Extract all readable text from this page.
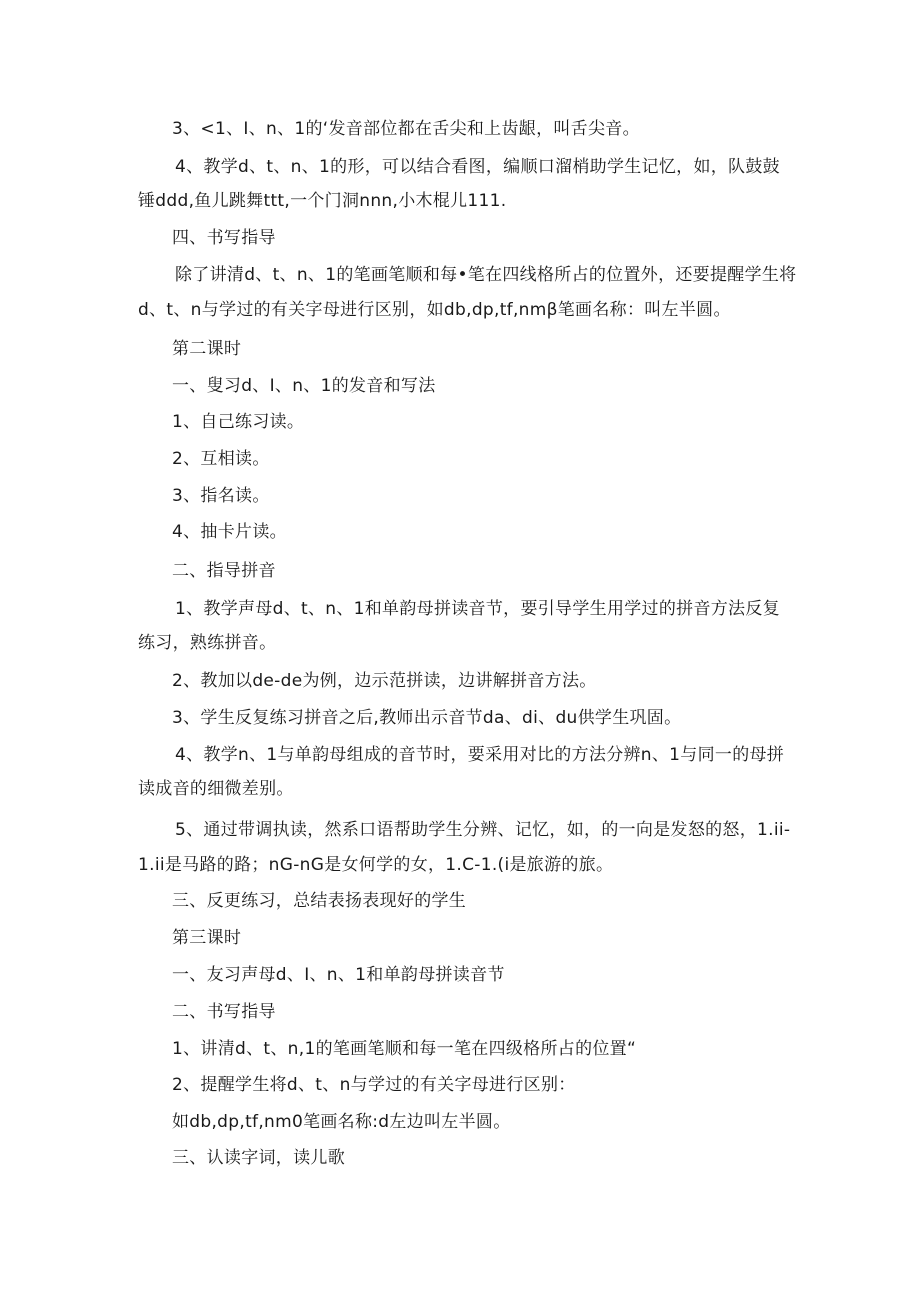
3、<1、I、n、1的‘发音部位都在舌尖和上齿龈，叫舌尖音。
4、教学d、t、n、1的形，可以结合看图，编顺口溜梢助学生记忆，如，队鼓鼓
锤ddd,鱼儿跳舞ttt,一个门洞nnn,小木棍儿111.
四、书写指导
除了讲清d、t、n、1的笔画笔顺和每•笔在四线格所占的位置外，还要提醒学生将
d、t、n与学过的有关字母进行区别，如db,dp,tf,nmβ笔画名称：叫左半圆。
第二课时
一、叟习d、I、n、1的发音和写法
1、自己练习读。
2、互相读。
3、指名读。
4、抽卡片读。
二、指导拼音
1、教学声母d、t、n、1和单韵母拼读音节，要引导学生用学过的拼音方法反复
练习，熟练拼音。
2、教加以de-de为例，边示范拼读，边讲解拼音方法。
3、学生反复练习拼音之后,教师出示音节da、di、du供学生巩固。
4、教学n、1与单韵母组成的音节时，要采用对比的方法分辨n、1与同一的母拼
读成音的细微差别。
5、通过带调执读，然系口语帮助学生分辨、记忆，如，的一向是发怒的怒，1.ii-
1.ii是马路的路；nG-nG是女何学的女，1.C-1.(i是旅游的旅。
三、反更练习，总结表扬表现好的学生
第三课时
一、友习声母d、I、n、1和单韵母拼读音节
二、书写指导
1、讲清d、t、n,1的笔画笔顺和每一笔在四级格所占的位置“
2、提醒学生将d、t、n与学过的有关字母进行区别：
如db,dp,tf,nm0笔画名称:d左边叫左半圆。
三、认读字词，读儿歌
